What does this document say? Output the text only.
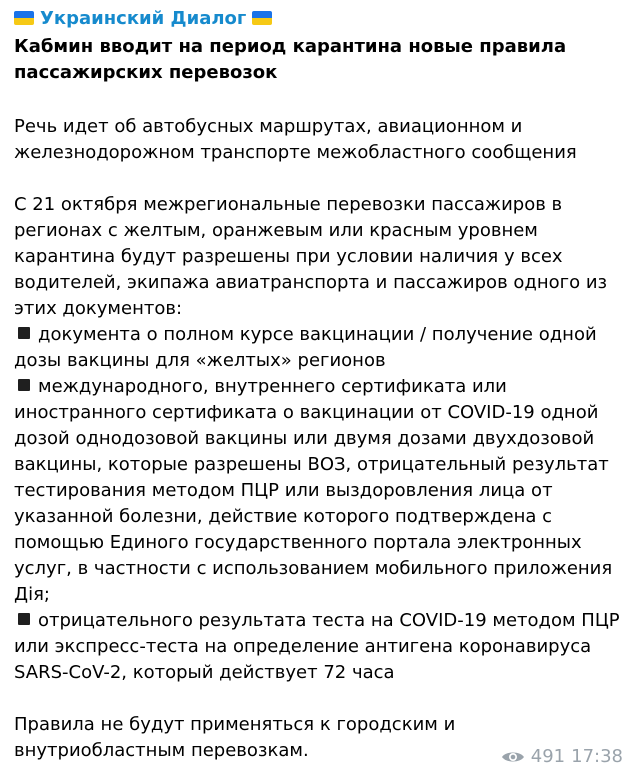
Украинский Диалог
Кабмин вводит на период карантина новые правила пассажирских перевозок
Речь идет об автобусных маршрутах, авиационном и железнодорожном транспорте межобластного сообщения
С 21 октября межрегиональные перевозки пассажиров в регионах с желтым, оранжевым или красным уровнем карантина будут разрешены при условии наличия у всех водителей, экипажа авиатранспорта и пассажиров одного из этих документов:
документа о полном курсе вакцинации / получение одной дозы вакцины для «желтых» регионов
международного, внутреннего сертификата или иностранного сертификата о вакцинации от COVID-19 одной дозой однодозовой вакцины или двумя дозами двухдозовой вакцины, которые разрешены ВОЗ, отрицательный результат тестирования методом ПЦР или выздоровления лица от указанной болезни, действие которого подтверждена с помощью Единого государственного портала электронных услуг, в частности с использованием мобильного приложения Дія;
отрицательного результата теста на COVID-19 методом ПЦР или экспресс-теста на определение антигена коронавируса SARS-CoV-2, который действует 72 часа
Правила не будут применяться к городским и внутриобластным перевозкам.	491 17:38
